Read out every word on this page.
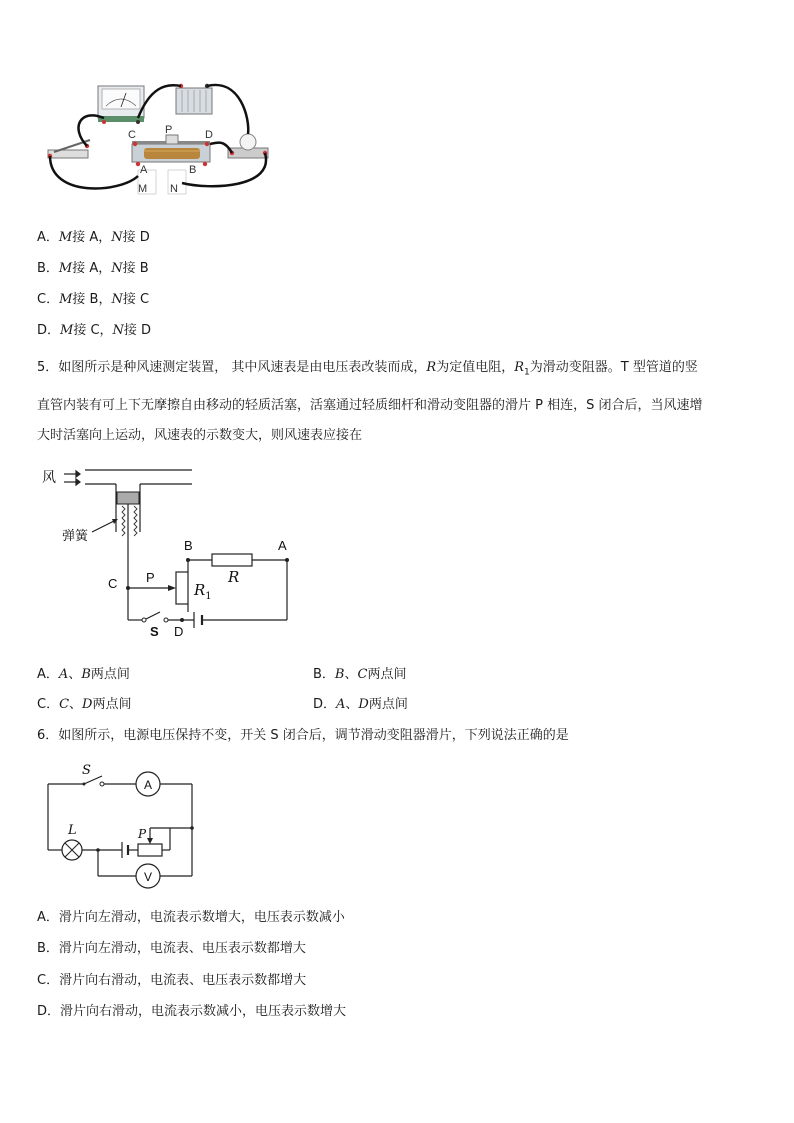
C	P	D
A	B
M N
A．M接 A，N接 D
B．M接 A，N接 B
C．M接 B，N接 C
D．M接 C，N接 D
5．如图所示是种风速测定装置， 其中风速表是由电压表改装而成，R为定值电阻，$R_1$为滑动变阻器。T 型管道的竖
直管内装有可上下无摩擦自由移动的轻质活塞，活塞通过轻质细杆和滑动变阻器的滑片 P 相连，S 闭合后，当风速增
大时活塞向上运动，风速表的示数变大，则风速表应接在
风
弹簧
B	A
C P
$R_1$
R
S D
A．A、B两点间	B．B、C两点间
C．C、D两点间	D．A、D两点间
6．如图所示，电源电压保持不变，开关 S 闭合后，调节滑动变阻器滑片，下列说法正确的是
A
V
S
L	P
A．滑片向左滑动，电流表示数增大，电压表示数减小
B．滑片向左滑动，电流表、电压表示数都增大
C．滑片向右滑动，电流表、电压表示数都增大
D．滑片向右滑动，电流表示数减小，电压表示数增大
